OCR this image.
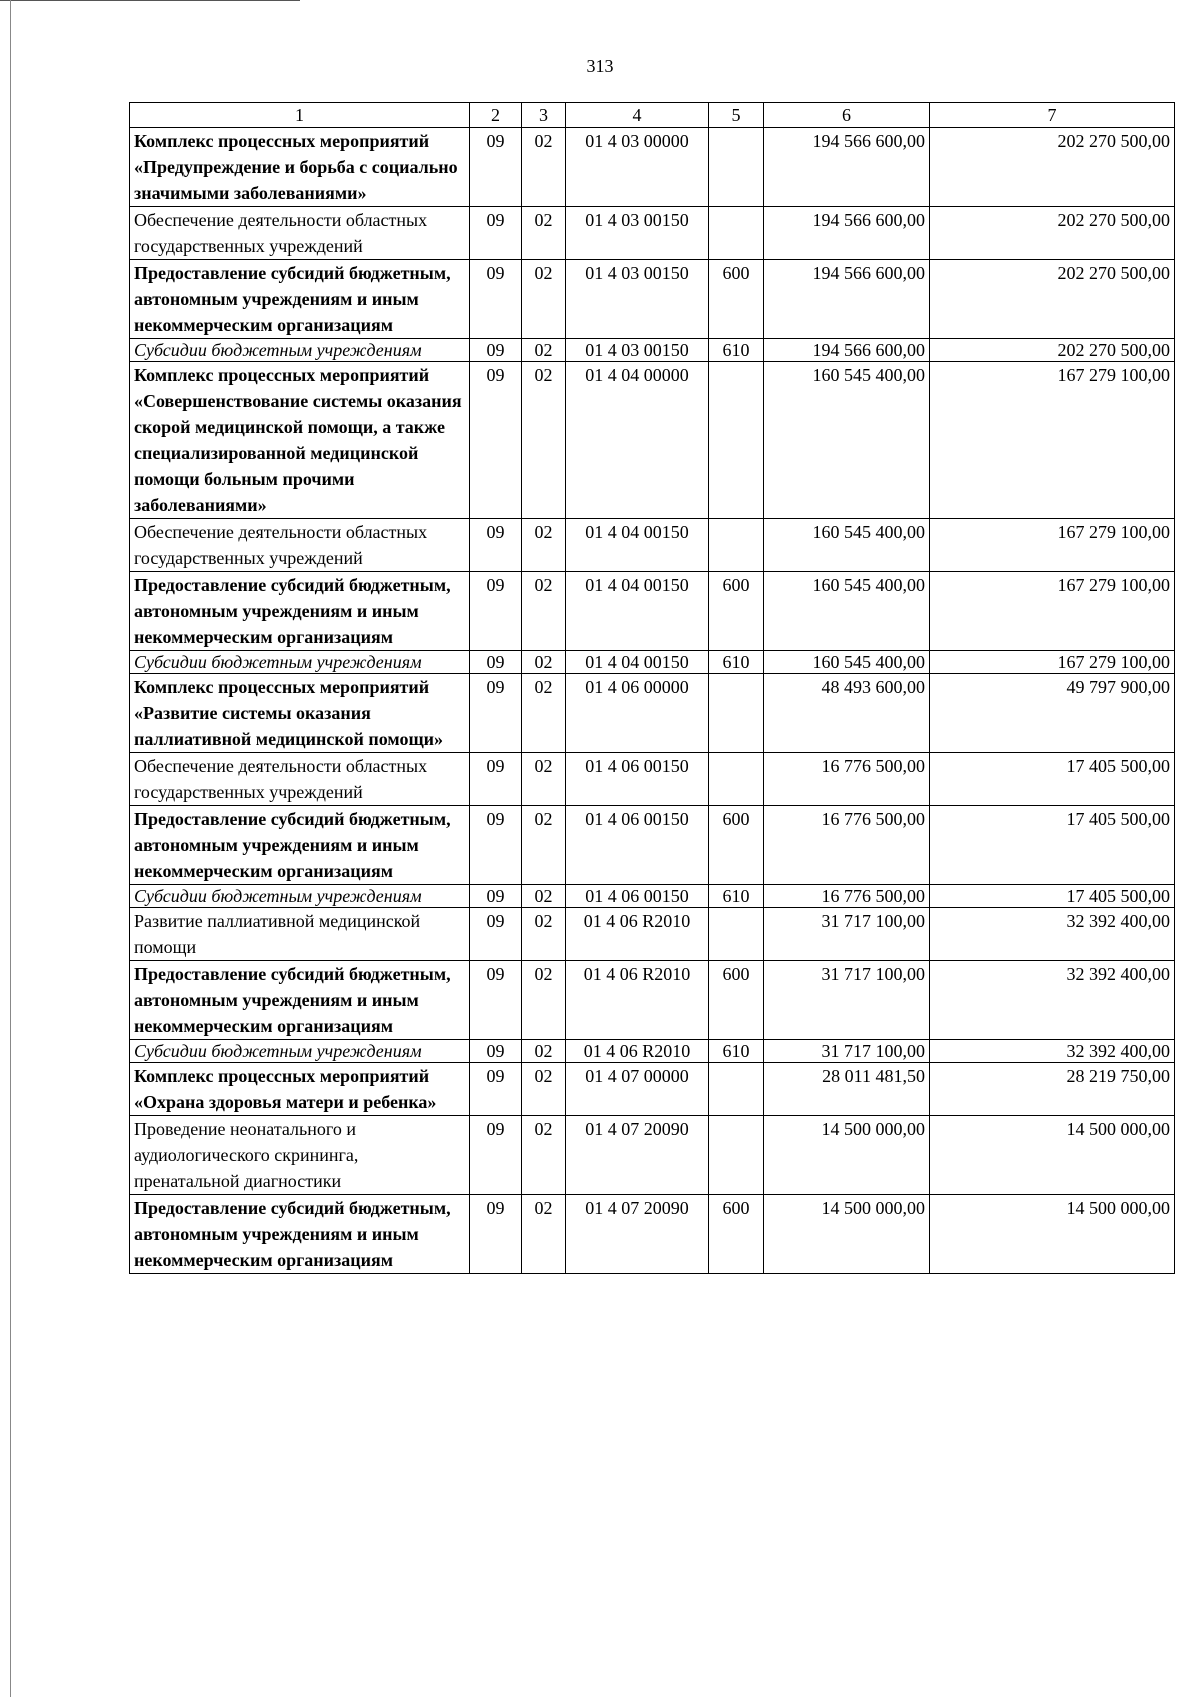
313
1	2	3	4	5	6	7
Комплекс процессных мероприятий «Предупреждение и борьба с социально значимыми заболеваниями»	09	02	01 4 03 00000		194 566 600,00	202 270 500,00
Обеспечение деятельности областных государственных учреждений	09	02	01 4 03 00150		194 566 600,00	202 270 500,00
Предоставление субсидий бюджетным, автономным учреждениям и иным некоммерческим организациям	09	02	01 4 03 00150	600	194 566 600,00	202 270 500,00
Субсидии бюджетным учреждениям	09	02	01 4 03 00150	610	194 566 600,00	202 270 500,00
Комплекс процессных мероприятий «Совершенствование системы оказания скорой медицинской помощи, а также специализированной медицинской помощи больным прочими заболеваниями»	09	02	01 4 04 00000		160 545 400,00	167 279 100,00
Обеспечение деятельности областных государственных учреждений	09	02	01 4 04 00150		160 545 400,00	167 279 100,00
Предоставление субсидий бюджетным, автономным учреждениям и иным некоммерческим организациям	09	02	01 4 04 00150	600	160 545 400,00	167 279 100,00
Субсидии бюджетным учреждениям	09	02	01 4 04 00150	610	160 545 400,00	167 279 100,00
Комплекс процессных мероприятий «Развитие системы оказания паллиативной медицинской помощи»	09	02	01 4 06 00000		48 493 600,00	49 797 900,00
Обеспечение деятельности областных государственных учреждений	09	02	01 4 06 00150		16 776 500,00	17 405 500,00
Предоставление субсидий бюджетным, автономным учреждениям и иным некоммерческим организациям	09	02	01 4 06 00150	600	16 776 500,00	17 405 500,00
Субсидии бюджетным учреждениям	09	02	01 4 06 00150	610	16 776 500,00	17 405 500,00
Развитие паллиативной медицинской помощи	09	02	01 4 06 R2010		31 717 100,00	32 392 400,00
Предоставление субсидий бюджетным, автономным учреждениям и иным некоммерческим организациям	09	02	01 4 06 R2010	600	31 717 100,00	32 392 400,00
Субсидии бюджетным учреждениям	09	02	01 4 06 R2010	610	31 717 100,00	32 392 400,00
Комплекс процессных мероприятий «Охрана здоровья матери и ребенка»	09	02	01 4 07 00000		28 011 481,50	28 219 750,00
Проведение неонатального и аудиологического скрининга, пренатальной диагностики	09	02	01 4 07 20090		14 500 000,00	14 500 000,00
Предоставление субсидий бюджетным, автономным учреждениям и иным некоммерческим организациям	09	02	01 4 07 20090	600	14 500 000,00	14 500 000,00
